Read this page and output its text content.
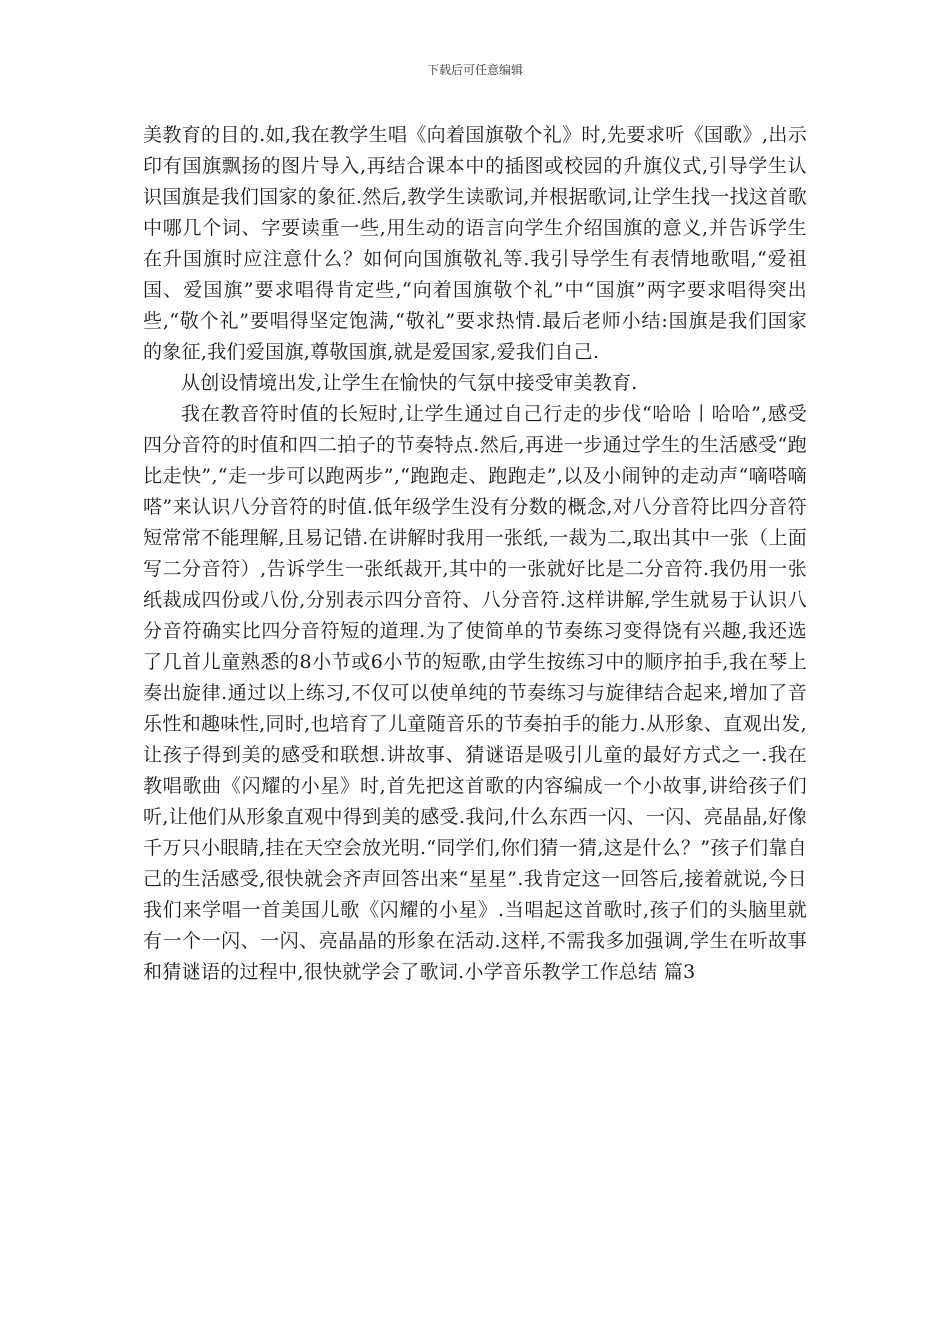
下载后可任意编辑

美教育的目的.如,我在教学生唱《向着国旗敬个礼》时,先要求听《国歌》,出示印有国旗飘扬的图片导入,再结合课本中的插图或校园的升旗仪式,引导学生认识国旗是我们国家的象征.然后,教学生读歌词,并根据歌词,让学生找一找这首歌中哪几个词、字要读重一些,用生动的语言向学生介绍国旗的意义,并告诉学生在升国旗时应注意什么？如何向国旗敬礼等.我引导学生有表情地歌唱,“爱祖国、爱国旗”要求唱得肯定些,“向着国旗敬个礼”中“国旗”两字要求唱得突出些,“敬个礼”要唱得坚定饱满,“敬礼”要求热情.最后老师小结:国旗是我们国家的象征,我们爱国旗,尊敬国旗,就是爱国家,爱我们自己.

从创设情境出发,让学生在愉快的气氛中接受审美教育.

我在教音符时值的长短时,让学生通过自己行走的步伐“哈哈丨哈哈”,感受四分音符的时值和四二拍子的节奏特点.然后,再进一步通过学生的生活感受“跑比走快”,“走一步可以跑两步”,“跑跑走、跑跑走”,以及小闹钟的走动声“嘀嗒嘀嗒”来认识八分音符的时值.低年级学生没有分数的概念,对八分音符比四分音符短常常不能理解,且易记错.在讲解时我用一张纸,一裁为二,取出其中一张（上面写二分音符）,告诉学生一张纸裁开,其中的一张就好比是二分音符.我仍用一张纸裁成四份或八份,分别表示四分音符、八分音符.这样讲解,学生就易于认识八分音符确实比四分音符短的道理.为了使简单的节奏练习变得饶有兴趣,我还选了几首儿童熟悉的8小节或6小节的短歌,由学生按练习中的顺序拍手,我在琴上奏出旋律.通过以上练习,不仅可以使单纯的节奏练习与旋律结合起来,增加了音乐性和趣味性,同时,也培育了儿童随音乐的节奏拍手的能力.从形象、直观出发,让孩子得到美的感受和联想.讲故事、猜谜语是吸引儿童的最好方式之一.我在教唱歌曲《闪耀的小星》时,首先把这首歌的内容编成一个小故事,讲给孩子们听,让他们从形象直观中得到美的感受.我问,什么东西一闪、一闪、亮晶晶,好像千万只小眼睛,挂在天空会放光明.“同学们,你们猜一猜,这是什么？”孩子们靠自己的生活感受,很快就会齐声回答出来“星星”.我肯定这一回答后,接着就说,今日我们来学唱一首美国儿歌《闪耀的小星》.当唱起这首歌时,孩子们的头脑里就有一个一闪、一闪、亮晶晶的形象在活动.这样,不需我多加强调,学生在听故事和猜谜语的过程中,很快就学会了歌词.小学音乐教学工作总结 篇3
